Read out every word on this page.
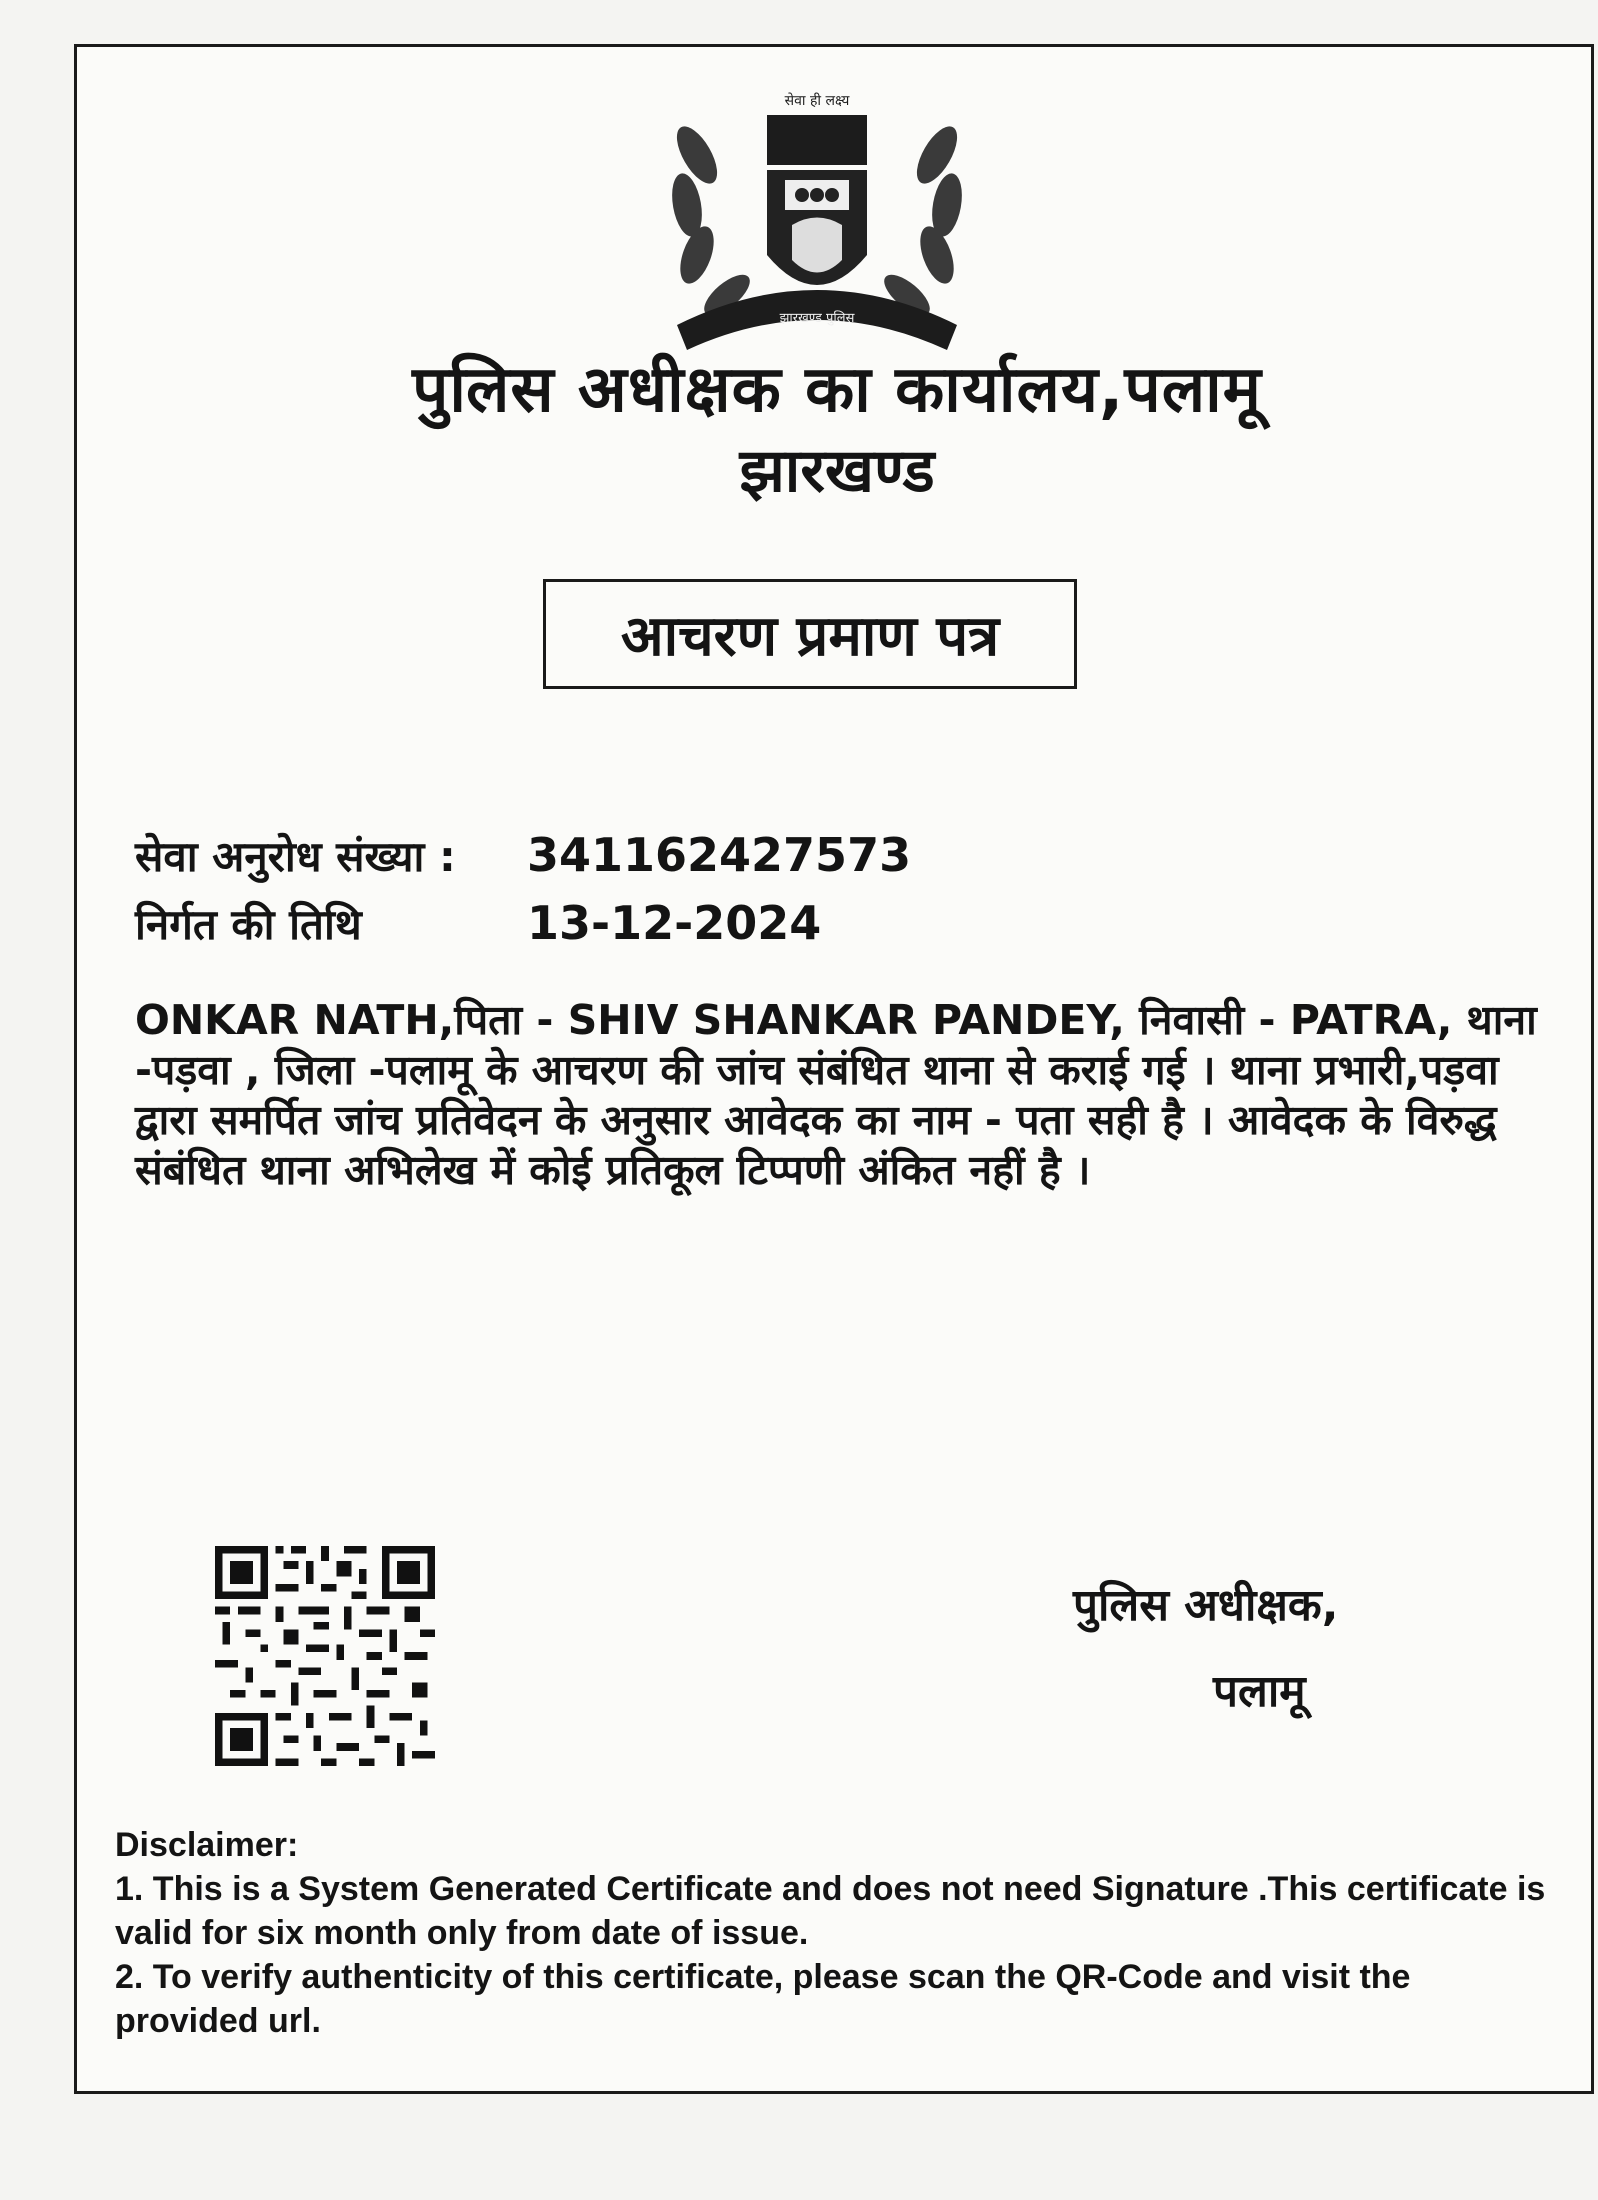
सेवा ही लक्ष्य
झारखण्ड पुलिस
पुलिस अधीक्षक का कार्यालय,पलामू
झारखण्ड
आचरण प्रमाण पत्र
सेवा अनुरोध संख्या : 341162427573
निर्गत की तिथि	13-12-2024
ONKAR NATH,पिता - SHIV SHANKAR PANDEY, निवासी - PATRA, थाना -पड़वा , जिला -पलामू के आचरण की जांच संबंधित थाना से कराई गई । थाना प्रभारी,पड़वा द्वारा समर्पित जांच प्रतिवेदन के अनुसार आवेदक का नाम - पता सही है । आवेदक के विरुद्ध संबंधित थाना अभिलेख में कोई प्रतिकूल टिप्पणी अंकित नहीं है ।
पुलिस अधीक्षक,
पलामू
Disclaimer:
1. This is a System Generated Certificate and does not need Signature .This certificate is valid for six month only from date of issue.
2. To verify authenticity of this certificate, please scan the QR-Code and visit the provided url.
